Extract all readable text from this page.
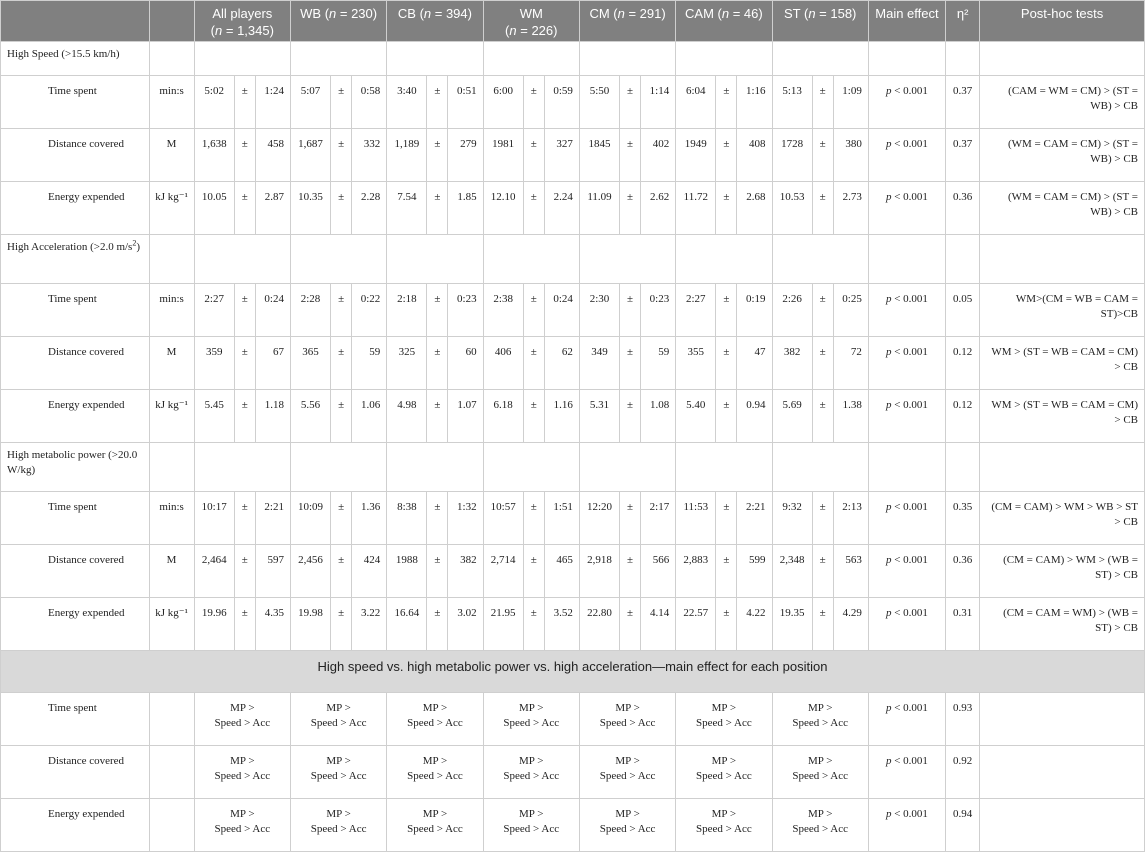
		All players
(n = 1,345)			WB (n = 230)			CB (n = 394)			WM
(n = 226)			CM (n = 291)			CAM (n = 46)			ST (n = 158)			Main effect	η²	Post-hoc tests
High Speed (>15.5 km/h)																									
Time spent	min:s	5:02	±	1:24	5:07	±	0:58	3:40	±	0:51	6:00	±	0:59	5:50	±	1:14	6:04	±	1:16	5:13	±	1:09	p < 0.001	0.37	(CAM = WM = CM) > (ST = WB) > CB
Distance covered	M	1,638	±	458	1,687	±	332	1,189	±	279	1981	±	327	1845	±	402	1949	±	408	1728	±	380	p < 0.001	0.37	(WM = CAM = CM) > (ST = WB) > CB
Energy expended	kJ kg⁻¹	10.05	±	2.87	10.35	±	2.28	7.54	±	1.85	12.10	±	2.24	11.09	±	2.62	11.72	±	2.68	10.53	±	2.73	p < 0.001	0.36	(WM = CAM = CM) > (ST = WB) > CB
High Acceleration (>2.0 $m/s^2$)																									
Time spent	min:s	2:27	±	0:24	2:28	±	0:22	2:18	±	0:23	2:38	±	0:24	2:30	±	0:23	2:27	±	0:19	2:26	±	0:25	p < 0.001	0.05	WM>(CM = WB = CAM = ST)>CB
Distance covered	M	359	±	67	365	±	59	325	±	60	406	±	62	349	±	59	355	±	47	382	±	72	p < 0.001	0.12	WM > (ST = WB = CAM = CM) > CB
Energy expended	kJ kg⁻¹	5.45	±	1.18	5.56	±	1.06	4.98	±	1.07	6.18	±	1.16	5.31	±	1.08	5.40	±	0.94	5.69	±	1.38	p < 0.001	0.12	WM > (ST = WB = CAM = CM) > CB
High metabolic power (>20.0 W/kg)																									
Time spent	min:s	10:17	±	2:21	10:09	±	1.36	8:38	±	1:32	10:57	±	1:51	12:20	±	2:17	11:53	±	2:21	9:32	±	2:13	p < 0.001	0.35	(CM = CAM) > WM > WB > ST > CB
Distance covered	M	2,464	±	597	2,456	±	424	1988	±	382	2,714	±	465	2,918	±	566	2,883	±	599	2,348	±	563	p < 0.001	0.36	(CM = CAM) > WM > (WB = ST) > CB
Energy expended	kJ kg⁻¹	19.96	±	4.35	19.98	±	3.22	16.64	±	3.02	21.95	±	3.52	22.80	±	4.14	22.57	±	4.22	19.35	±	4.29	p < 0.001	0.31	(CM = CAM = WM) > (WB = ST) > CB
High speed vs. high metabolic power vs. high acceleration—main effect for each position																									
Time spent		MP >
Speed > Acc			MP >
Speed > Acc			MP >
Speed > Acc			MP >
Speed > Acc			MP >
Speed > Acc			MP >
Speed > Acc			MP >
Speed > Acc			p < 0.001	0.93	
Distance covered		MP >
Speed > Acc			MP >
Speed > Acc			MP >
Speed > Acc			MP >
Speed > Acc			MP >
Speed > Acc			MP >
Speed > Acc			MP >
Speed > Acc			p < 0.001	0.92	
Energy expended		MP >
Speed > Acc			MP >
Speed > Acc			MP >
Speed > Acc			MP >
Speed > Acc			MP >
Speed > Acc			MP >
Speed > Acc			MP >
Speed > Acc			p < 0.001	0.94	
